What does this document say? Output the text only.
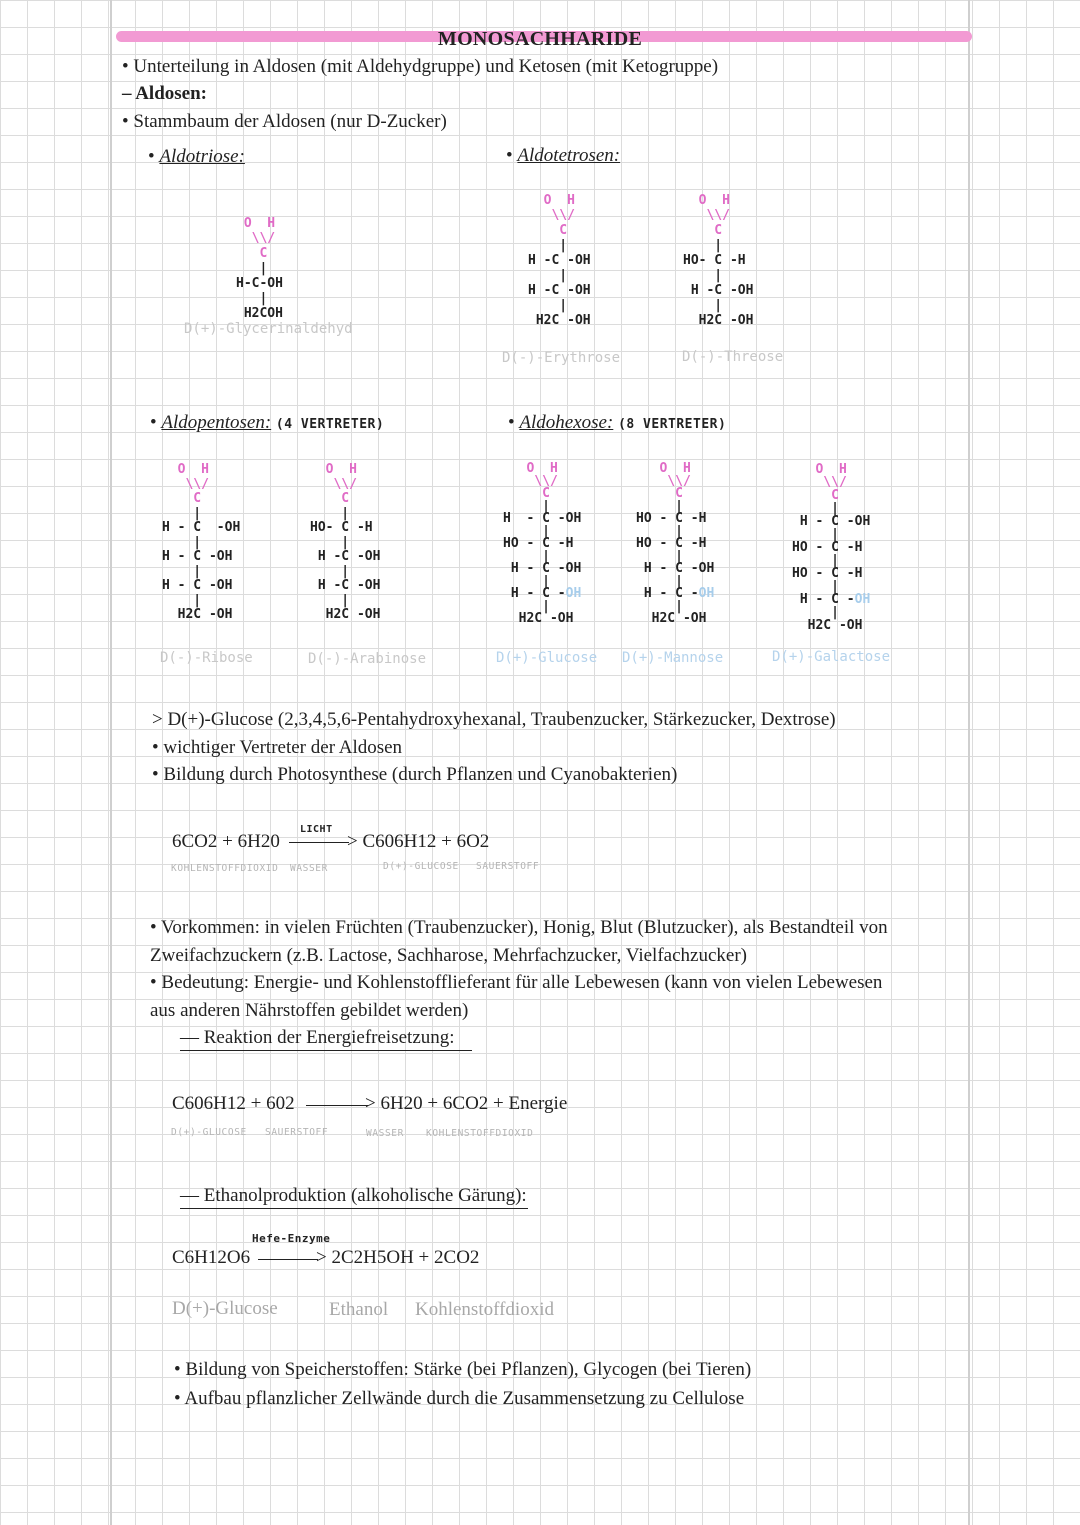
MONOSACHHARIDE
• Unterteilung in Aldosen (mit Aldehydgruppe) und Ketosen (mit Ketogruppe)
– Aldosen:
• Stammbaum der Aldosen (nur D-Zucker)
• Aldotriose:
O  H
\\/
C
|
H-C-OH
|
H2COH
D(+)-Glycerinaldehyd
• Aldotetrosen:
O  H
\\/
C
|
H -C -OH
|
H -C -OH
|
H2C -OH
O  H
\\/
C
|
HO- C -H
|
H -C -OH
|
H2C -OH
D(-)-Erythrose	D(-)-Threose
• Aldopentosen: (4 VERTRETER)
O  H
\\/
C
|
H - C  -OH
|
H - C -OH
|
H - C -OH
|
H2C -OH
O  H
\\/
C
|
HO- C -H
|
H -C -OH
|
H -C -OH
|
H2C -OH
D(-)-Ribose	D(-)-Arabinose
• Aldohexose: (8 VERTRETER)
O  H
\\/
C
|
H  - C -OH
|
HO - C -H
|
H - C -OH
|
H - C -OH
|
H2C -OH
O  H
\\/
C
|
HO - C -H
|
HO - C -H
|
H - C -OH
|
H - C -OH
|
H2C -OH
O  H
\\/
C
|
H - C -OH
|
HO - C -H
|
HO - C -H
|
H - C -OH
|
H2C -OH
D(+)-Glucose D(+)-Mannose	D(+)-Galactose
> D(+)-Glucose (2,3,4,5,6-Pentahydroxyhexanal, Traubenzucker, Stärkezucker, Dextrose)
• wichtiger Vertreter der Aldosen
• Bildung durch Photosynthese (durch Pflanzen und Cyanobakterien)
6CO2 + 6H20
LICHT
> C606H12 + 6O2
KOHLENSTOFFDIOXID WASSER	D(+)-GLUCOSE SAUERSTOFF
• Vorkommen: in vielen Früchten (Traubenzucker), Honig, Blut (Blutzucker), als Bestandteil von
Zweifachzuckern (z.B. Lactose, Sachharose, Mehrfachzucker, Vielfachzucker)
• Bedeutung: Energie- und Kohlenstofflieferant für alle Lebewesen (kann von vielen Lebewesen
aus anderen Nährstoffen gebildet werden)
— Reaktion der Energiefreisetzung:
C606H12 + 602	> 6H20 + 6CO2 + Energie
D(+)-GLUCOSE SAUERSTOFF	WASSER KOHLENSTOFFDIOXID
— Ethanolproduktion (alkoholische Gärung):
Hefe-Enzyme
C6H12O6	> 2C2H5OH + 2CO2
D(+)-Glucose	Ethanol Kohlenstoffdioxid
• Bildung von Speicherstoffen: Stärke (bei Pflanzen), Glycogen (bei Tieren)
• Aufbau pflanzlicher Zellwände durch die Zusammensetzung zu Cellulose
